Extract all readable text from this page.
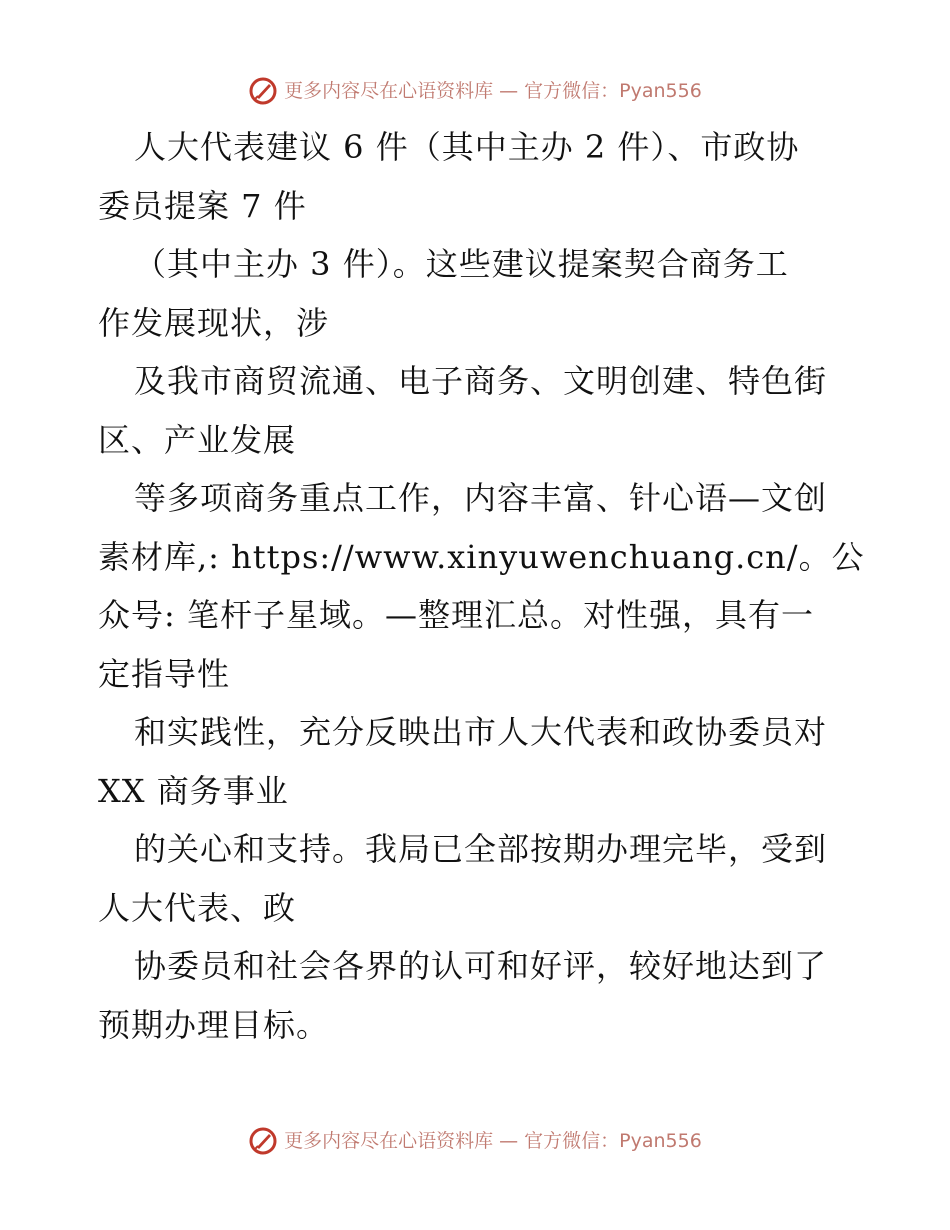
更多内容尽在心语资料库 — 官方微信：Pyan556
人大代表建议 6 件（其中主办 2 件）、市政协
委员提案 7 件
（其中主办 3 件）。这些建议提案契合商务工
作发展现状，涉
及我市商贸流通、电子商务、文明创建、特色街
区、产业发展
等多项商务重点工作，内容丰富、针心语—文创
素材库,: https://www.xinyuwenchuang.cn/。公
众号: 笔杆子星域。—整理汇总。对性强，具有一
定指导性
和实践性，充分反映出市人大代表和政协委员对
XX 商务事业
的关心和支持。我局已全部按期办理完毕，受到
人大代表、政
协委员和社会各界的认可和好评，较好地达到了
预期办理目标。
更多内容尽在心语资料库 — 官方微信：Pyan556
